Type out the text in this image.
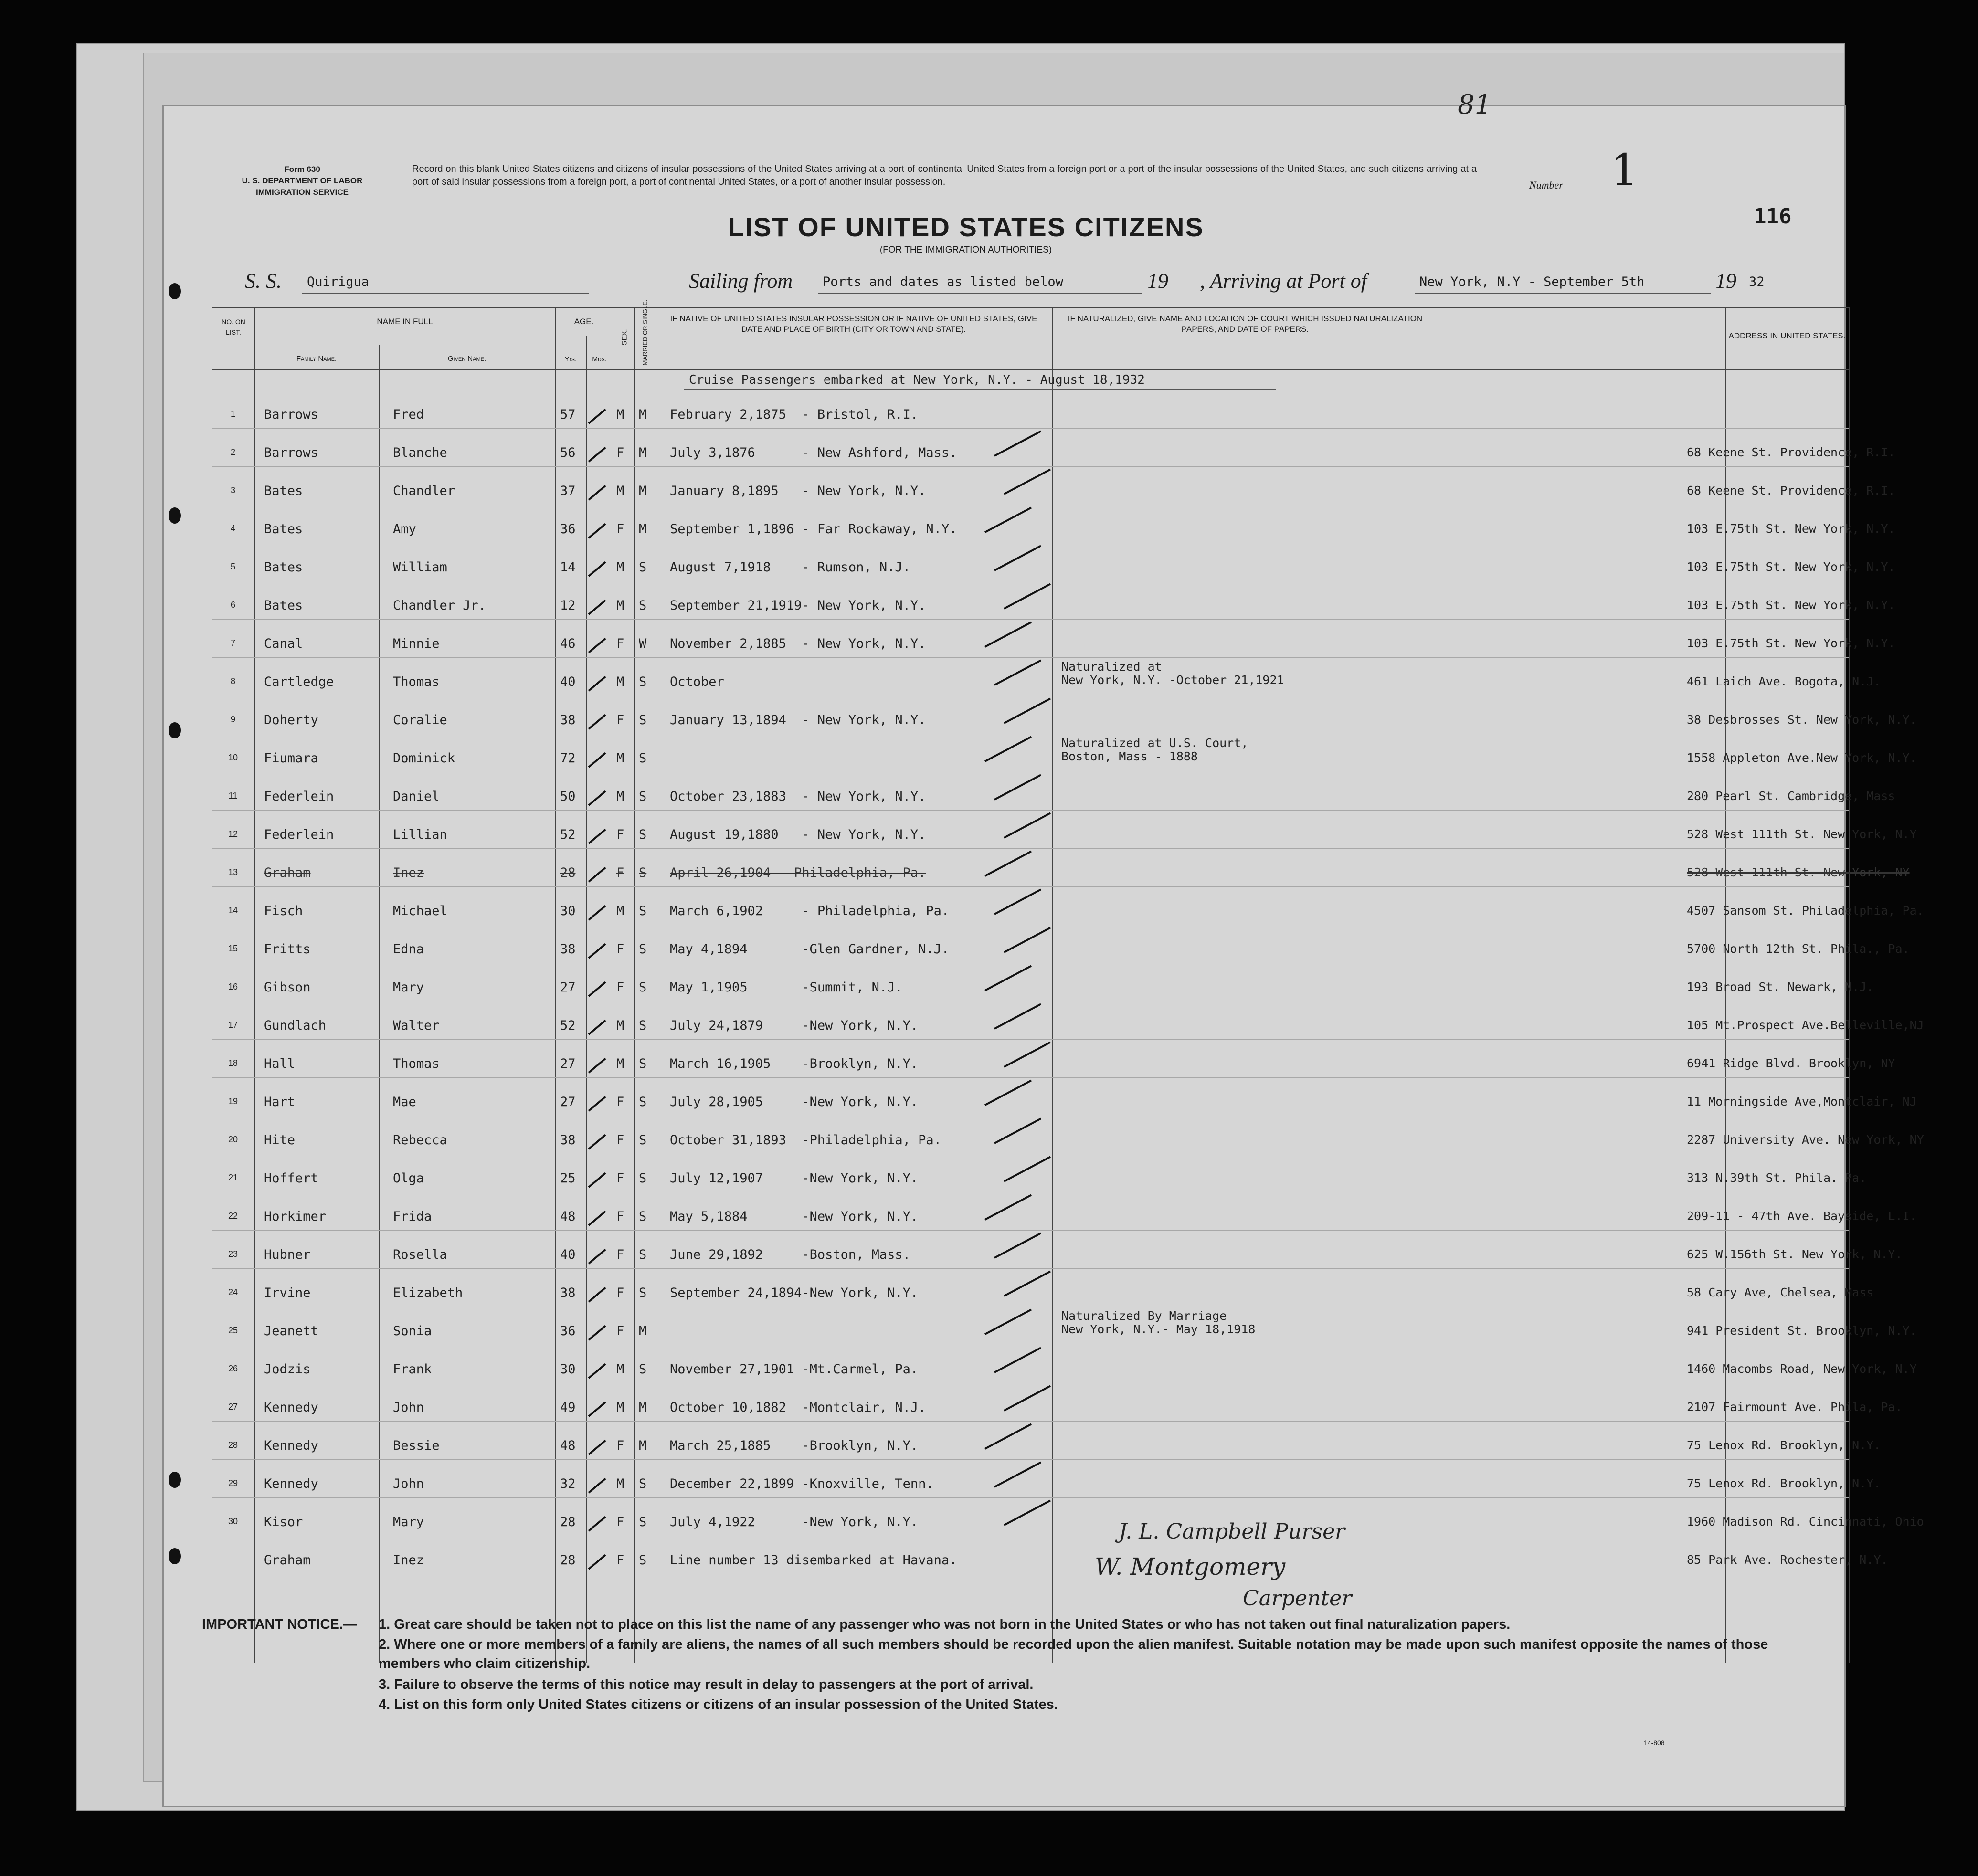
81
Form 630
U. S. DEPARTMENT OF LABOR
IMMIGRATION SERVICE
Record on this blank United States citizens and citizens of insular possessions of the United States arriving at a port of continental United States from a foreign port or a port of the insular possessions of the United States, and such citizens arriving at a port of said insular possessions from a foreign port, a port of continental United States, or a port of another insular possession.	Number 1
116
LIST OF UNITED STATES CITIZENS
(FOR THE IMMIGRATION AUTHORITIES)
S. S. Quirigua	Sailing from Ports and dates as listed below	19 , Arriving at Port of	New York, N.Y - September 5th	19 32
NO. ON LIST.
NAME IN FULL
Family Name.	Given Name.
AGE.
Yrs.	Mos.
SEX. MARRIED OR SINGLE.	IF NATIVE OF UNITED STATES INSULAR POSSESSION OR IF NATIVE OF UNITED STATES, GIVE DATE AND PLACE OF BIRTH (CITY OR TOWN AND STATE).
IF NATURALIZED, GIVE NAME AND LOCATION OF COURT WHICH ISSUED NATURALIZATION PAPERS, AND DATE OF PAPERS.
ADDRESS IN UNITED STATES.
Cruise Passengers embarked at New York, N.Y. - August 18,1932
1	Barrows	Fred	57	M M February 2,1875  - Bristol, R.I.
2	Barrows	Blanche	56	F M July 3,1876      - New Ashford, Mass.	68 Keene St. Providence, R.I.
3	Bates	Chandler	37	M M January 8,1895   - New York, N.Y.	68 Keene St. Providence, R.I.
4	Bates	Amy	36	F M September 1,1896 - Far Rockaway, N.Y.	103 E.75th St. New York, N.Y.
5	Bates	William	14	M S August 7,1918    - Rumson, N.J.	103 E.75th St. New York, N.Y.
6	Bates	Chandler Jr.	12	M S September 21,1919- New York, N.Y.	103 E.75th St. New York, N.Y.
7	Canal	Minnie	46	F W November 2,1885  - New York, N.Y.	103 E.75th St. New York, N.Y.
8	Cartledge	Thomas	40	M S October
Naturalized at
New York, N.Y. -October 21,1921	461 Laich Ave. Bogota, N.J.
9	Doherty	Coralie	38	F S January 13,1894  - New York, N.Y.	38 Desbrosses St. New York, N.Y.
10	Fiumara	Dominick	72	M S
Naturalized at U.S. Court,
Boston, Mass - 1888	1558 Appleton Ave.New York, N.Y.
11	Federlein	Daniel	50	M S October 23,1883  - New York, N.Y.	280 Pearl St. Cambridge, Mass
12	Federlein	Lillian	52	F S August 19,1880   - New York, N.Y.	528 West 111th St. New York, N.Y
13	Graham	Inez	28	F S April 26,1904 - Philadelphia, Pa.	528 West 111th St. New York, NY
14	Fisch	Michael	30	M S March 6,1902     - Philadelphia, Pa.	4507 Sansom St. Philadelphia, Pa.
15	Fritts	Edna	38	F S May 4,1894       -Glen Gardner, N.J.	5700 North 12th St. Phila., Pa.
16	Gibson	Mary	27	F S May 1,1905       -Summit, N.J.	193 Broad St. Newark, N.J.
17	Gundlach	Walter	52	M S July 24,1879     -New York, N.Y.	105 Mt.Prospect Ave.Belleville,NJ
18	Hall	Thomas	27	M S March 16,1905    -Brooklyn, N.Y.	6941 Ridge Blvd. Brooklyn, NY
19	Hart	Mae	27	F S July 28,1905     -New York, N.Y.	11 Morningside Ave,Montclair, NJ
20	Hite	Rebecca	38	F S October 31,1893  -Philadelphia, Pa.	2287 University Ave. New York, NY
21	Hoffert	Olga	25	F S July 12,1907     -New York, N.Y.	313 N.39th St. Phila. Pa.
22	Horkimer	Frida	48	F S May 5,1884       -New York, N.Y.	209-11 - 47th Ave. Bayside, L.I.
23	Hubner	Rosella	40	F S June 29,1892     -Boston, Mass.	625 W.156th St. New York, N.Y.
24	Irvine	Elizabeth	38	F S September 24,1894-New York, N.Y.	58 Cary Ave, Chelsea, Mass
25	Jeanett	Sonia	36	F M
Naturalized By Marriage
New York, N.Y.- May 18,1918	941 President St. Brooklyn, N.Y.
26	Jodzis	Frank	30	M S November 27,1901 -Mt.Carmel, Pa.	1460 Macombs Road, New York, N.Y
27	Kennedy	John	49	M M October 10,1882  -Montclair, N.J.	2107 Fairmount Ave. Phila, Pa.
28	Kennedy	Bessie	48	F M March 25,1885    -Brooklyn, N.Y.	75 Lenox Rd. Brooklyn, N.Y.
29	Kennedy	John	32	M S December 22,1899 -Knoxville, Tenn.	75 Lenox Rd. Brooklyn, N.Y.
30	Kisor	Mary	28	F S July 4,1922      -New York, N.Y.	1960 Madison Rd. Cincinnati, Ohio
Graham	Inez	28	F S Line number 13 disembarked at Havana.	85 Park Ave. Rochester, N.Y.
J. L. Campbell Purser
W. Montgomery
Carpenter
IMPORTANT NOTICE.— 1. Great care should be taken not to place on this list the name of any passenger who was not born in the United States or who has not taken out final naturalization papers.
2. Where one or more members of a family are aliens, the names of all such members should be recorded upon the alien manifest. Suitable notation may be made upon such manifest opposite the names of those members who claim citizenship.
3. Failure to observe the terms of this notice may result in delay to passengers at the port of arrival.
4. List on this form only United States citizens or citizens of an insular possession of the United States.
14-808
